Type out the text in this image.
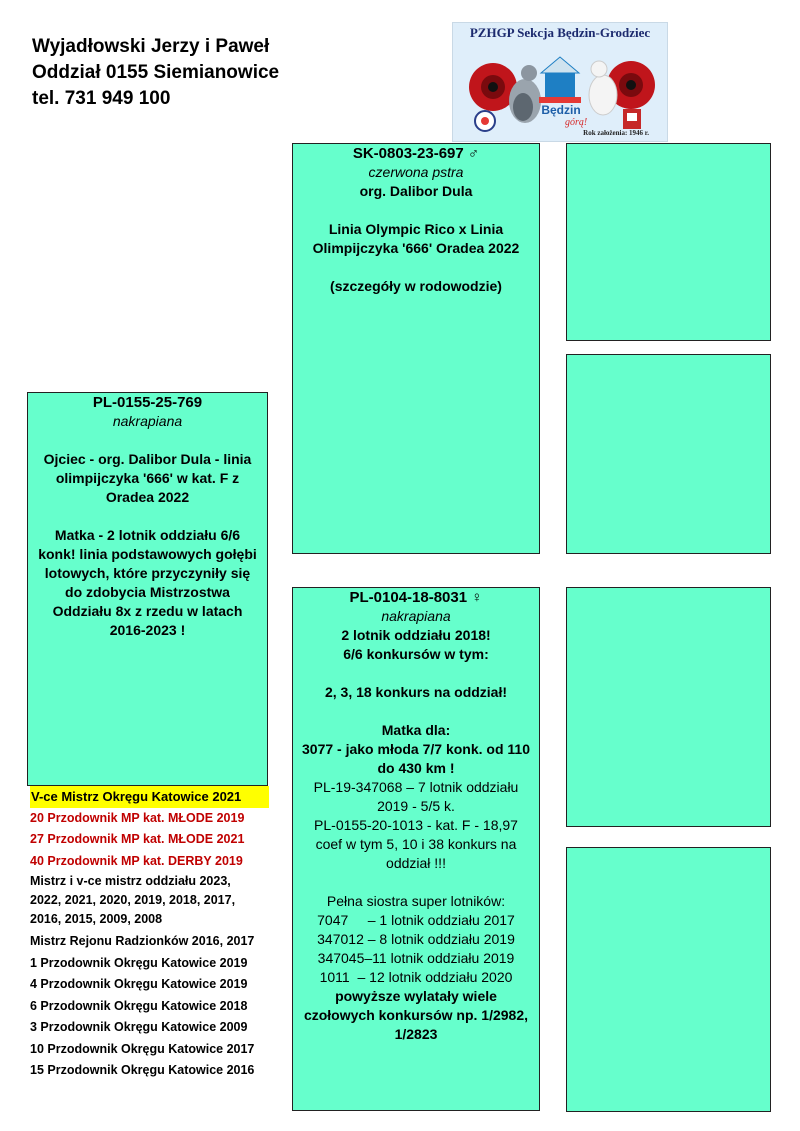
Wyjadłowski Jerzy i Paweł
Oddział 0155 Siemianowice
tel. 731 949 100
PZHGP Sekcja Będzin-Grodziec
Będzin
górą!
Rok założenia: 1946 r.

SK-0803-23-697 ♂

czerwona pstra

org. Dalibor Dula

Linia Olympic Rico x Linia Olimpijczyka '666' Oradea 2022

(szczegóły w rodowodzie)

PL-0155-25-769

nakrapiana

Ojciec - org. Dalibor Dula - linia olimpijczyka '666' w kat. F z Oradea 2022

Matka - 2 lotnik oddziału 6/6 konk! linia podstawowych gołębi lotowych, które przyczyniły się do zdobycia Mistrzostwa Oddziału 8x z rzedu w latach 2016-2023 !

PL-0104-18-8031 ♀

nakrapiana

2 lotnik oddziału 2018!

6/6 konkursów w tym:

2, 3, 18 konkurs na oddział!

Matka dla:

3077 - jako młoda 7/7 konk. od 110 do 430 km !

PL-19-347068 – 7 lotnik oddziału 2019 - 5/5 k.

PL-0155-20-1013 - kat. F - 18,97 coef w tym 5, 10 i 38 konkurs na oddział !!!

Pełna siostra super lotników:

7047     – 1 lotnik oddziału 2017

347012 – 8 lotnik oddziału 2019

347045–11 lotnik oddziału 2019

1011  – 12 lotnik oddziału 2020

powyższe wylatały wiele czołowych konkursów np. 1/2982, 1/2823

V-ce Mistrz Okręgu Katowice 2021
20 Przodownik MP kat. MŁODE 2019
27 Przodownik MP kat. MŁODE 2021
40 Przodownik MP kat. DERBY 2019
Mistrz i v-ce mistrz oddziału 2023, 2022, 2021, 2020, 2019, 2018, 2017, 2016, 2015, 2009, 2008
Mistrz Rejonu Radzionków 2016, 2017
1 Przodownik Okręgu Katowice 2019
4 Przodownik Okręgu Katowice 2019
6 Przodownik Okręgu Katowice 2018
3 Przodownik Okręgu Katowice 2009
10 Przodownik Okręgu Katowice 2017
15 Przodownik Okręgu Katowice 2016
